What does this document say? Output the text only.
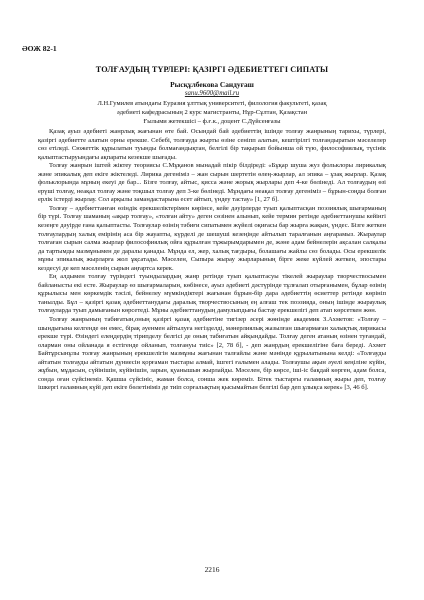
ӘОЖ 82-1
ТОЛҒАУДЫҢ ТҮРЛЕРІ: ҚАЗІРГІ ӘДЕБИЕТТЕГІ СИПАТЫ
Рысқұлбекова Сандуғаш
sanu.9600@mail.ru
Л.Н.Гумилев атындағы Еуразия ұлттық университеті, филология факультеті, қазақ
әдебиеті кафедрасының 2 курс магистранты, Нұр-Сұлтан, Қазақстан
Ғылыми жетекшісі – ф.ғ.к., доцент С.Дүйсенғазы

Қазақ ауыз әдебиеті жанрлық жағынан өте бай. Осындай бай әдебиеттің ішінде толғау жанрының тарихы, түрлері, қазіргі әдебиетте алатын орны ерекше. Себебі, толғауда жырты өзіне сеніпп алатын, кештірілгі толғандыратын мәселелер сөз етіледі. Сюжеттік құрылатын туынды болмағандықтан, белгілі бір тақырып бойынша ой түю, философиялық, түсінік қалыптастыруындағы ақпараты кезекше шығады.

Толғау жанрын іштей жіктеу теориясы С.Мұқанов мынадай пікір білдіреді: «Бұқар шуша жуз фольклоры лирикалық және эпикалық деп екіге жіктеледі. Лирика дегеніміз – жан сырын шертетін өлең-жырлар, ал эпика – ұзақ жырлар. Қазақ фольклорында мұның екеуі де бар... Бізге толғау, айтыс, қисса және жорық жырлары деп 4-ке бөлінеді. Ал толғаудың өзі ерүші толғау, неақал толғау және тоқшыл толғау деп 3-ке бөлінеді. Мұндағы неақал толғау дегеніміз – бұрын-соңды болған ерлік істерді жырлау. Сол арқылы замандастарына есет айтып, үндеу тастау» [1, 27 б].

Толғау – әдебиеттанған өзіндік ерекшеліктерімен көрінсе, кейе дәуірлерде туып қалыптасқан поэзиялық шығарманың бір түрі. Толғау шаманың «ақыр толғау», «толған айту» деген сөзінен алынып, кейе термин ретінде әдебиеттанушы кейінгі кезеңге дәуірде ғана қалыптасты. Толғаулар өзінің тәбиғи сипатымен жүйелі оқиғасы бар жырға жақын, үндес. Бізге жеткен толғаулардың халық емірінің аса бір жауапты, күрделі де шешуші кезеңінде айтылып таралғанын аңғарамыз. Жыраулар толғаған сырын салма жырлар философиялық ойға құрылған тұжырымдарымен де, және адам бейнелерін ақсалан салқалы да тартымды мазмұнымен де даралы қанады. Мұнда ел, жер, халық тағдыры, болашағы жайлы сөз болады. Осы ерекшелік мұны эпикалық жырларға жол ұқсатады. Мәселен, Сыпыра жырау жырларының бірге жеке күйлей жеткен, эпостары кездесуі де кеп мәселенің сырын аңғартса керек.

Ең алдымен толғау түріндегі туындылардың жанр ретінде туып қалыптасуы тікелей жыраулар творчествосымен байланысты екі есте. Жыраулар өз шығармаларын, көбінесе, ауыз әдебиеті дәстүрінде тұлғалап отырғанымен, бұлар өзінің құрылысы мен көркемдік тәсілі, бейнелеу мүмкіндіктері жағынан бұрын-бір дара әдебиеттің өсиеттер ретінде көрініп танылды. Бұл – қазіргі қазақ әдебиеттанудағы даралық творчествосының ең алғаш тек поэзияда, оның ішінде жыраулық толғауларда туып дамығанын көрсетеді. Мұны әдебиеттанудың дамулыпдығы бастау ерекшелігі деп атап көрсеткен жөн.

Толғау жанрының табиғатын,оның қазіргі қазақ әдебиетіне тигізер әсері жөнінде академик З.Ахметов: «Толғау – шындығына келгенде өн емес, бірақ әуенмен айтылуға негізделді, мәнерлиялық жазылған шығармаған халықтық лирикасы ерекше түрі. Өзіндегі елеңдердің тірипделу белгісі де оның табиғатын айқындайды. Толғау деген атаның өзінен туғандай, оларман оны ойланада я естігенде ойланып, толғануы тиіс» [2, 78 б], - деп жанрдың ерекшелігіне баға береді. Ахмет Байтұрсынұлы толғау жанрының ерекшелігін мазмұны жағынан талғайлы және мәнінде құрылатынына келді: «Толғауды айтатын толғауды айтатын дүниесін қорғаман тыстары алмай, ішгегі ғалымен алады. Толғаушы ақын әуелі кеңіліне күйін, жұбын, мұдасын, сүйінішін, күйінішін, зарын, қуанышын жырлайды. Мәселен, бір көрсе, іші-іс бақдай көрген, адам болса, сонда оған сүйсінеміз. Қашша сүйсініс, жаман болса, сонша жек көреміз. Бітек тыстарғы ғаламның жыры деп, толғау ішкергі ғаламның күйі деп екіге бөлетініміз де тиіп сорғалықтың қысымайтын белгілі бар деп ұлықса керек» [3, 46 б].

2216
